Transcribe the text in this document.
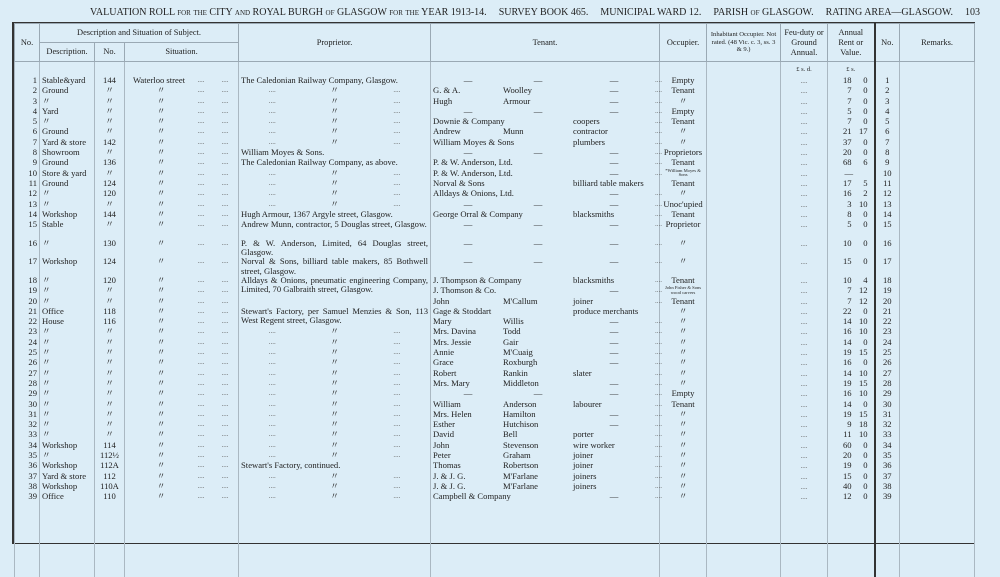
VALUATION ROLL for the CITY and ROYAL BURGH of GLASGOW for the YEAR 1913-14. SURVEY BOOK 465. MUNICIPAL WARD 12. PARISH of GLASGOW. RATING AREA—GLASGOW. 103
No.	Description and Situation of Subject.			Proprietor.	Tenant.	Occupier.	Inhabitant Occupier. Not rated. (48 Vic. c. 3, ss. 3 & 9.)	Feu-duty or Ground Annual.	Annual Rent or Value.	No.	Remarks.
	Description.	No.	Situation.								
								£ s. d.	£ s.		
1	Stable&yard	144	Waterloo street .... ....	The Caledonian Railway Company, Glasgow.	— — — ....	Empty		....	18 0	1	
2	Ground	〃	〃 .... ....	.... 〃 ....	G. & A. Woolley — ....	Tenant		....	7 0	2	
3	〃	〃	〃 .... ....	.... 〃 ....	Hugh Armour — ....	〃		....	7 0	3	
4	Yard	〃	〃 .... ....	.... 〃 ....	— — — ....	Empty		....	5 0	4	
5	〃	〃	〃 .... ....	.... 〃 ....	Downie & Company coopers ....	Tenant		....	7 0	5	
6	Ground	〃	〃 .... ....	.... 〃 ....	Andrew Munn contractor ....	〃		....	21 17	6	
7	Yard & store	142	〃 .... ....	.... 〃 ....	William Moyes & Sons plumbers ....	〃		....	37 0	7	
8	Showroom	〃	〃 .... ....	William Moyes & Sons.	— — — ....	Proprietors		....	20 0	8	
9	Ground	136	〃 .... ....	The Caledonian Railway Company, as above.	P. & W. Anderson, Ltd. — ....	Tenant		....	68 6	9	
10	Store & yard	〃	〃 .... ....	.... 〃 ....	P. & W. Anderson, Ltd. — ....	*William Moyes & Sons		....	—	10	
11	Ground	124	〃 .... ....	.... 〃 ....	Norval & Sons billiard table makers	Tenant		....	17 5	11	
12	〃	120	〃 .... ....	.... 〃 ....	Alldays & Onions, Ltd. — ....	〃		....	16 2	12	
13	〃	〃	〃 .... ....	.... 〃 ....	— — — ....	Unoc'upied		....	3 10	13	
14	Workshop	144	〃 .... ....	Hugh Armour, 1367 Argyle street, Glasgow.	George Orral & Company blacksmiths ....	Tenant		....	8 0	14	
15	Stable	〃	〃 .... ....	Andrew Munn, contractor, 5 Douglas street, Glasgow.	— — — ....	Proprietor		....	5 0	15	
16	〃	130	〃 .... ....	P. & W. Anderson, Limited, 64 Douglas street, Glasgow.	— — — ....	〃		....	10 0	16	
17	Workshop	124	〃 .... ....	Norval & Sons, billiard table makers, 85 Bothwell street, Glasgow.	— — — ....	〃		....	15 0	17	
18	〃	120	〃 .... ....	Alldays & Onions, pneumatic engineering Company, Limited, 70 Galbraith street, Glasgow.	J. Thompson & Company blacksmiths ....	Tenant		....	10 4	18	
19	〃	〃	〃 .... ....		J. Thomson & Co. — ....	John Fisher & Sons wood carvers		....	7 12	19	
20	〃	〃	〃 .... ....		John M'Callum joiner ....	Tenant		....	7 12	20	
21	Office	118	〃 .... ....	Stewart's Factory, per Samuel Menzies & Son, 113 West Regent street, Glasgow.	Gage & Stoddart produce merchants	〃		....	22 0	21	
22	House	116	〃 .... ....		Mary Willis — ....	〃		....	14 10	22	
23	〃	〃	〃 .... ....	.... 〃 ....	Mrs. Davina Todd — ....	〃		....	16 10	23	
24	〃	〃	〃 .... ....	.... 〃 ....	Mrs. Jessie Gair — ....	〃		....	14 0	24	
25	〃	〃	〃 .... ....	.... 〃 ....	Annie M'Cuaig — ....	〃		....	19 15	25	
26	〃	〃	〃 .... ....	.... 〃 ....	Grace Roxburgh — ....	〃		....	16 0	26	
27	〃	〃	〃 .... ....	.... 〃 ....	Robert Rankin slater ....	〃		....	14 10	27	
28	〃	〃	〃 .... ....	.... 〃 ....	Mrs. Mary Middleton — ....	〃		....	19 15	28	
29	〃	〃	〃 .... ....	.... 〃 ....	— — — ....	Empty		....	16 10	29	
30	〃	〃	〃 .... ....	.... 〃 ....	William Anderson labourer ....	Tenant		....	14 0	30	
31	〃	〃	〃 .... ....	.... 〃 ....	Mrs. Helen Hamilton — ....	〃		....	19 15	31	
32	〃	〃	〃 .... ....	.... 〃 ....	Esther Hutchison — ....	〃		....	9 18	32	
33	〃	〃	〃 .... ....	.... 〃 ....	David Bell porter ....	〃		....	11 10	33	
34	Workshop	114	〃 .... ....	.... 〃 ....	John Stevenson wire worker ....	〃		....	60 0	34	
35	〃	112½	〃 .... ....	.... 〃 ....	Peter Graham joiner ....	〃		....	20 0	35	
36	Workshop	112A	〃 .... ....	Stewart's Factory, continued.	Thomas Robertson joiner ....	〃		....	19 0	36	
37	Yard & store	112	〃 .... ....	.... 〃 ....	J. & J. G. M'Farlane joiners ....	〃		....	15 0	37	
38	Workshop	110A	〃 .... ....	.... 〃 ....	J. & J. G. M'Farlane joiners ....	〃		....	40 0	38	
39	Office	110	〃 .... ....	.... 〃 ....	Campbell & Company — ....	〃		....	12 0	39	
